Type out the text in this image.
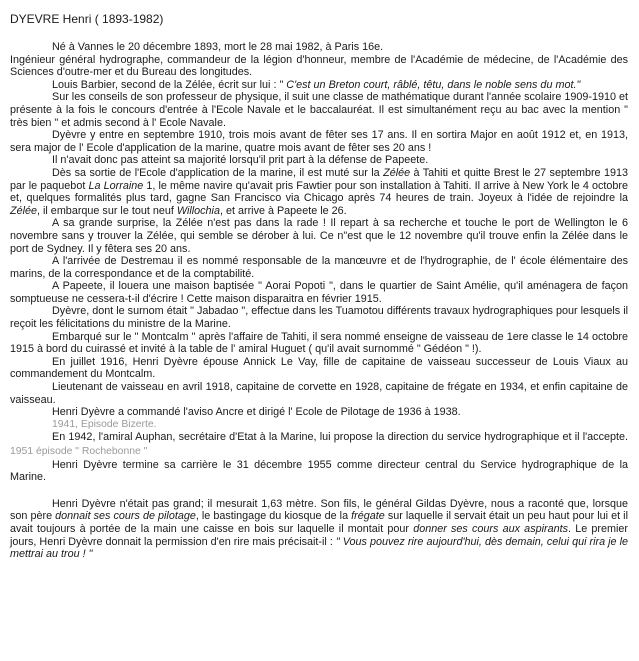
DYEVRE Henri ( 1893-1982)

Né à Vannes le 20 décembre 1893, mort le 28 mai 1982, à Paris 16e.

Ingénieur général hydrographe, commandeur de la légion d'honneur, membre de l'Académie de médecine, de l'Académie des Sciences d'outre-mer et du Bureau des longitudes.

Louis Barbier, second de la Zélée, écrit sur lui : " C'est un Breton court, râblé, têtu, dans le noble sens du mot."

Sur les conseils de son professeur de physique, il suit une classe de mathématique durant l'année scolaire 1909-1910 et présente à la fois le concours d'entrée à l'Ecole Navale et le baccalauréat. Il est simultanément reçu au bac avec la mention " très bien " et admis second à l' Ecole Navale.

Dyèvre y entre en septembre 1910, trois mois avant de fêter ses 17 ans. Il en sortira Major en août 1912 et, en 1913, sera major de l' Ecole d'application de la marine, quatre mois avant de fêter ses 20 ans !

Il n'avait donc pas atteint sa majorité lorsqu'il prit part à la défense de Papeete.

Dès sa sortie de l'Ecole d'application de la marine, il est muté sur la Zélée à Tahiti et quitte Brest le 27 septembre 1913 par le paquebot La Lorraine 1, le même navire qu'avait pris Fawtier pour son installation à Tahiti. Il arrive à New York le 4 octobre et, quelques formalités plus tard, gagne San Francisco via Chicago après 74 heures de train. Joyeux à l'idée de rejoindre la Zélée, il embarque sur le tout neuf Willochia, et arrive à Papeete le 26.

A sa grande surprise, la Zélée n'est pas dans la rade ! Il repart à sa recherche et touche le port de Wellington le 6 novembre sans y trouver la Zélée, qui semble se dérober à lui. Ce n"est que le 12 novembre qu'il trouve enfin la Zélée dans le port de Sydney. Il y fêtera ses 20 ans.

A l'arrivée de Destremau il es nommé responsable de la manœuvre et de l'hydrographie, de l' école élémentaire des marins, de la correspondance et de la comptabilité.

A Papeete, il louera une maison baptisée " Aorai Popoti ", dans le quartier de Saint Amélie, qu'il aménagera de façon somptueuse ne cessera-t-il d'écrire ! Cette maison disparaitra en février 1915.

Dyèvre, dont le surnom était " Jabadao ", effectue dans les Tuamotou différents travaux hydrographiques pour lesquels il reçoit les félicitations du ministre de la Marine.

Embarqué sur le " Montcalm " après l'affaire de Tahiti, il sera nommé enseigne de vaisseau de 1ere classe le 14 octobre 1915 à bord du cuirassé et invité à la table de l' amiral Huguet ( qu'il avait surnommé " Gédéon " !).

En juillet 1916, Henri Dyèvre épouse Annick Le Vay, fille de capitaine de vaisseau successeur de Louis Viaux au commandement du Montcalm.

Lieutenant de vaisseau en avril 1918, capitaine de corvette en 1928, capitaine de frégate en 1934, et enfin capitaine de vaisseau.

Henri Dyèvre a commandé l'aviso Ancre et dirigé l' Ecole de Pilotage de 1936 à 1938.

1941, Episode Bizerte.

En 1942, l'amiral Auphan, secrétaire d'Etat à la Marine, lui propose la direction du service hydrographique et il l'accepte. 1951 épisode " Rochebonne "

Henri Dyèvre termine sa carrière le 31 décembre 1955 comme directeur central du Service hydrographique de la Marine.

Henri Dyèvre n'était pas grand; il mesurait 1,63 mètre. Son fils, le général Gildas Dyèvre, nous a raconté que, lorsque son père donnait ses cours de pilotage, le bastingage du kiosque de la frégate sur laquelle il servait était un peu haut pour lui et il avait toujours à portée de la main une caisse en bois sur laquelle il montait pour donner ses cours aux aspirants. Le premier jours, Henri Dyèvre donnait la permission d'en rire mais précisait-il : " Vous pouvez rire aujourd'hui, dès demain, celui qui rira je le mettrai au trou ! "
